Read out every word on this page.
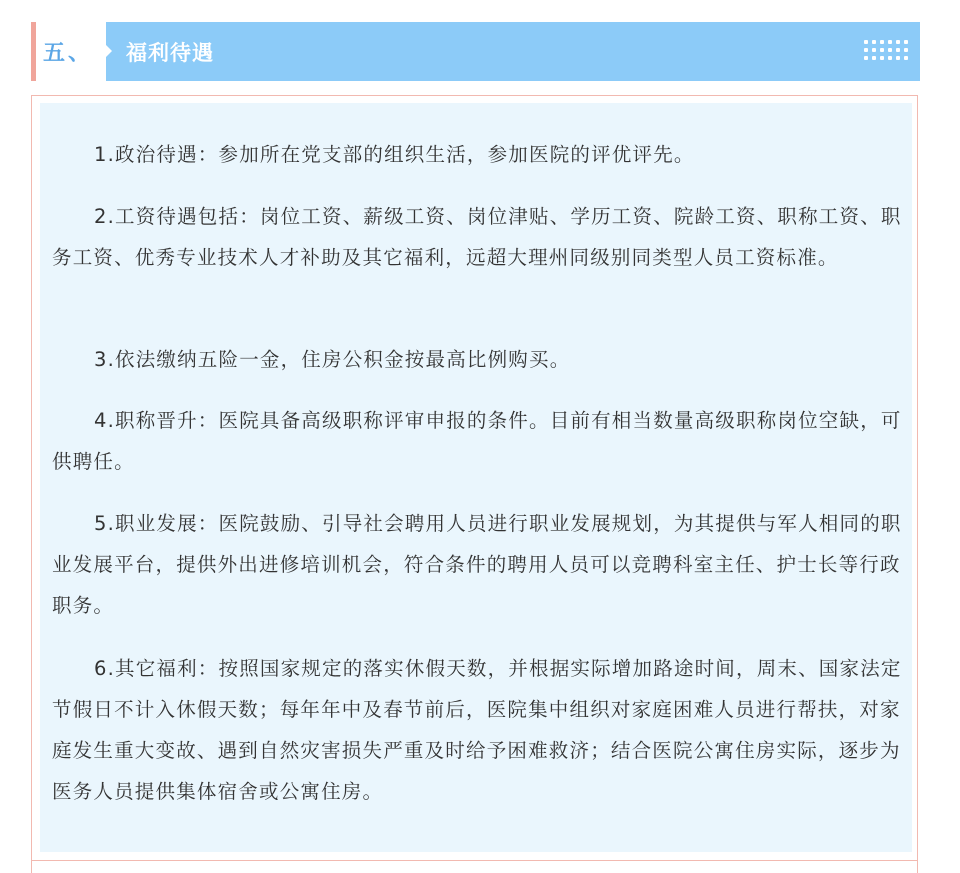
五、 福利待遇

1.政治待遇：参加所在党支部的组织生活，参加医院的评优评先。

2.工资待遇包括：岗位工资、薪级工资、岗位津贴、学历工资、院龄工资、职称工资、职务工资、优秀专业技术人才补助及其它福利，远超大理州同级别同类型人员工资标准。

3.依法缴纳五险一金，住房公积金按最高比例购买。

4.职称晋升：医院具备高级职称评审申报的条件。目前有相当数量高级职称岗位空缺，可供聘任。

5.职业发展：医院鼓励、引导社会聘用人员进行职业发展规划，为其提供与军人相同的职业发展平台，提供外出进修培训机会，符合条件的聘用人员可以竞聘科室主任、护士长等行政职务。

6.其它福利：按照国家规定的落实休假天数，并根据实际增加路途时间，周末、国家法定节假日不计入休假天数；每年年中及春节前后，医院集中组织对家庭困难人员进行帮扶，对家庭发生重大变故、遇到自然灾害损失严重及时给予困难救济；结合医院公寓住房实际，逐步为医务人员提供集体宿舍或公寓住房。
